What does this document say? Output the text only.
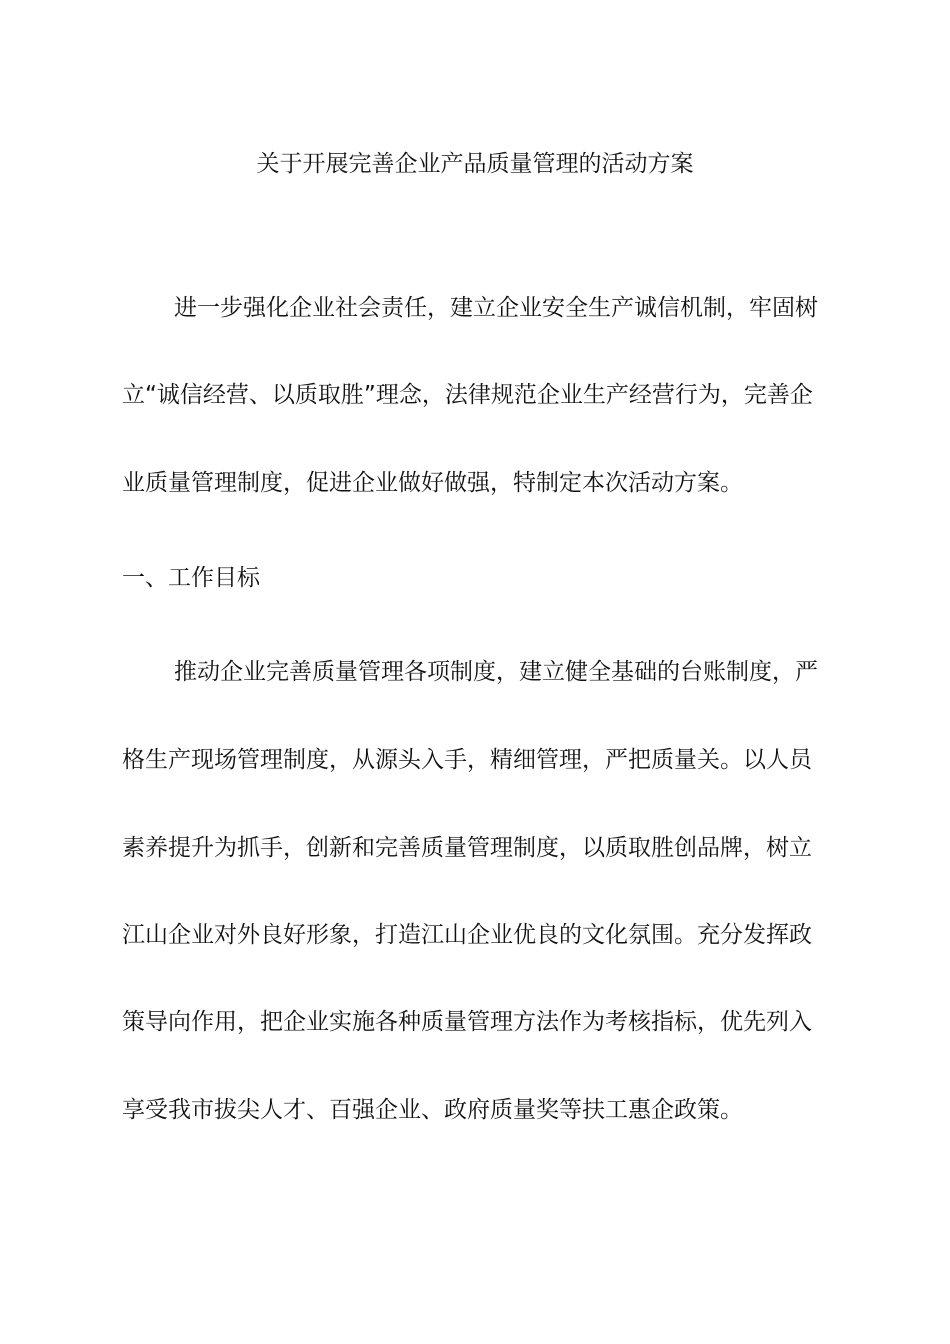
关于开展完善企业产品质量管理的活动方案

进一步强化企业社会责任，建立企业安全生产诚信机制，牢固树

立“诚信经营、以质取胜”理念，法律规范企业生产经营行为，完善企

业质量管理制度，促进企业做好做强，特制定本次活动方案。

一、工作目标

推动企业完善质量管理各项制度，建立健全基础的台账制度，严

格生产现场管理制度，从源头入手，精细管理，严把质量关。以人员

素养提升为抓手，创新和完善质量管理制度，以质取胜创品牌，树立

江山企业对外良好形象，打造江山企业优良的文化氛围。充分发挥政

策导向作用，把企业实施各种质量管理方法作为考核指标，优先列入

享受我市拔尖人才、百强企业、政府质量奖等扶工惠企政策。
